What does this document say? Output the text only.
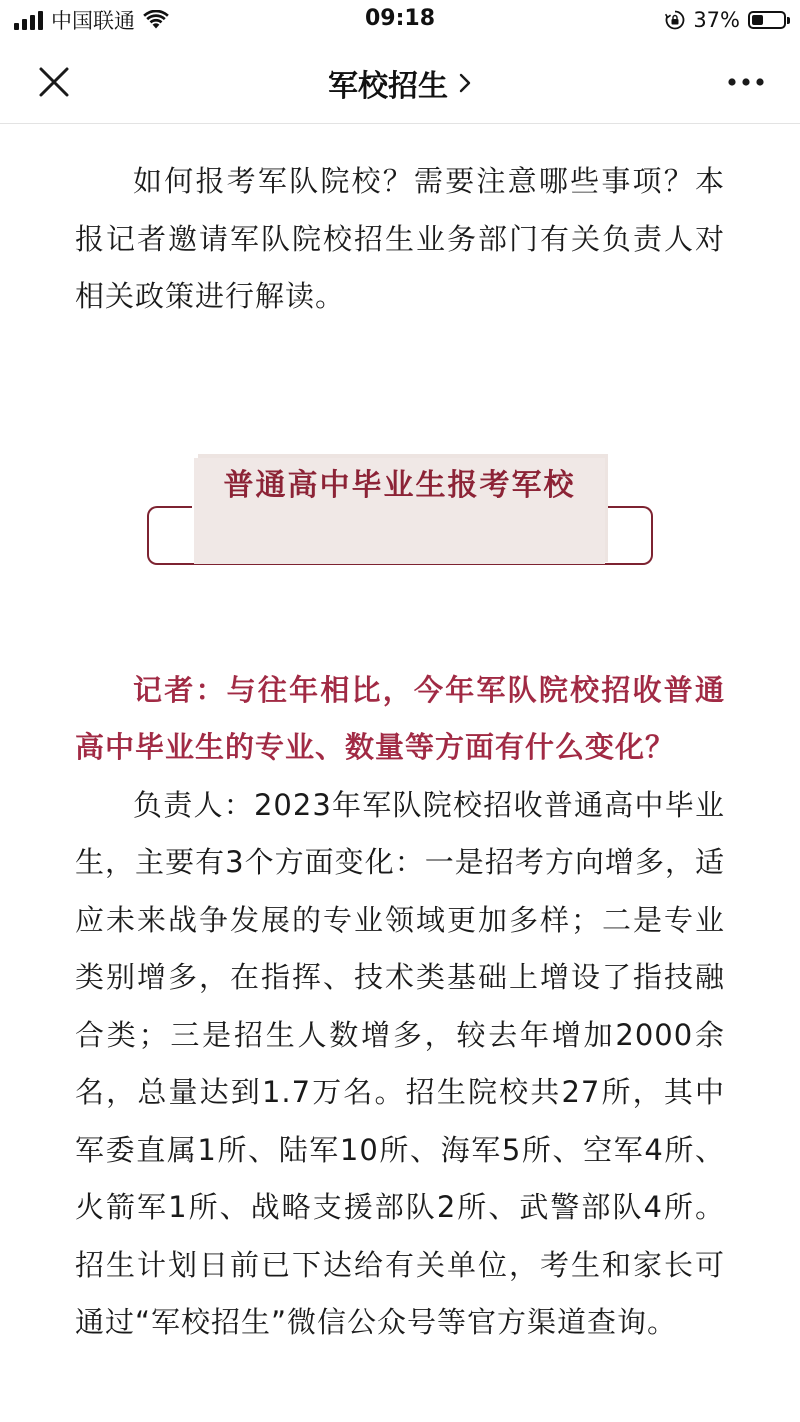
中国联通	09:18	37%
军校招生

如何报考军队院校？需要注意哪些事项？本报记者邀请军队院校招生业务部门有关负责人对相关政策进行解读。

普通高中毕业生报考军校

记者：与往年相比，今年军队院校招收普通高中毕业生的专业、数量等方面有什么变化？

负责人：2023年军队院校招收普通高中毕业生，主要有3个方面变化：一是招考方向增多，适应未来战争发展的专业领域更加多样；二是专业类别增多，在指挥、技术类基础上增设了指技融合类；三是招生人数增多，较去年增加2000余名，总量达到1.7万名。招生院校共27所，其中军委直属1所、陆军10所、海军5所、空军4所、火箭军1所、战略支援部队2所、武警部队4所。招生计划日前已下达给有关单位，考生和家长可通过“军校招生”微信公众号等官方渠道查询。
